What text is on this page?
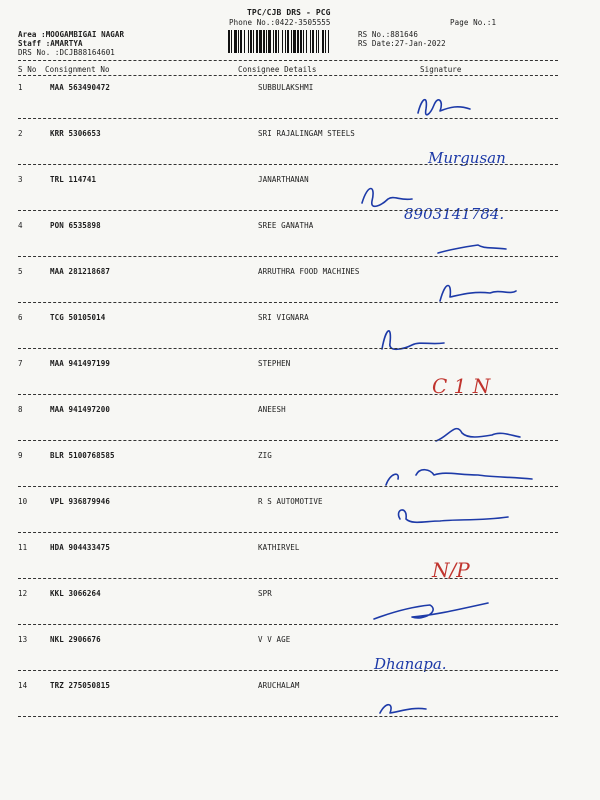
TPC/CJB DRS - PCG
Phone No.:0422-3505555	Page No.:1
Area :MOOGAMBIGAI NAGAR
Staff :AMARTYA
DRS No. :DCJB88164601
RS No.:881646
RS Date:27-Jan-2022
S No Consignment No	Consignee Details	Signature
1	MAA 563490472	SUBBULAKSHMI
2	KRR 5306653	SRI RAJALINGAM STEELS
Murgusan
3	TRL 114741	JANARTHANAN
8903141784.
4	PON 6535898	SREE GANATHA
5	MAA 281218687	ARRUTHRA FOOD MACHINES
6	TCG 50105014	SRI VIGNARA
7	MAA 941497199	STEPHEN
C 1 N
8	MAA 941497200	ANEESH
9	BLR 5100768585	ZIG
10	VPL 936879946	R S AUTOMOTIVE
11	HDA 904433475	KATHIRVEL
N/P
12	KKL 3066264	SPR
13	NKL 2906676	V V AGE
Dhanapa.
14	TRZ 275050815	ARUCHALAM
